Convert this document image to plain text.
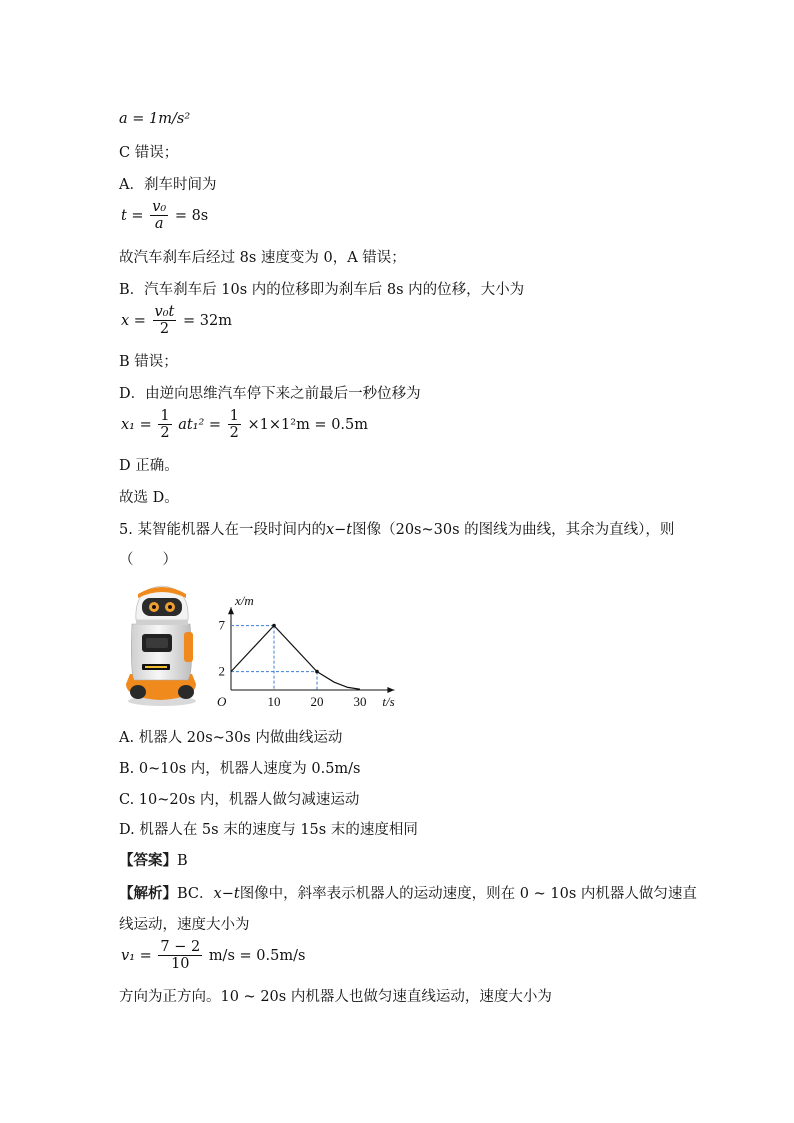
a = 1m/s²
C 错误；
A．刹车时间为
$t = \frac{\text{v₀}}{a} = 8s$
故汽车刹车后经过 8s 速度变为 0，A 错误；
B．汽车刹车后 10s 内的位移即为刹车后 8s 内的位移，大小为
$x = \frac{\text{v₀t}}{2} = 32m$
B 错误；
D．由逆向思维汽车停下来之前最后一秒位移为
$x_1 = \frac{1}{2} at_1^2 = \frac{1}{2} \times 1\times 1^2m = 0.5m$
D 正确。
故选 D。
5. 某智能机器人在一段时间内的x−t图像（20s~30s 的图线为曲线，其余为直线），则
（　　）
10 20 30
2
7
O
x/m
t/s
A. 机器人 20s~30s 内做曲线运动
B. 0~10s 内，机器人速度为 0.5m/s
C. 10~20s 内，机器人做匀减速运动
D. 机器人在 5s 末的速度与 15s 末的速度相同
【答案】B
【解析】BC．x−t图像中，斜率表示机器人的运动速度，则在 0 ~ 10s 内机器人做匀速直
线运动，速度大小为
$v_1 = \frac{7 - 2}{10} m/s = 0.5m/s$
方向为正方向。10 ~ 20s 内机器人也做匀速直线运动，速度大小为
